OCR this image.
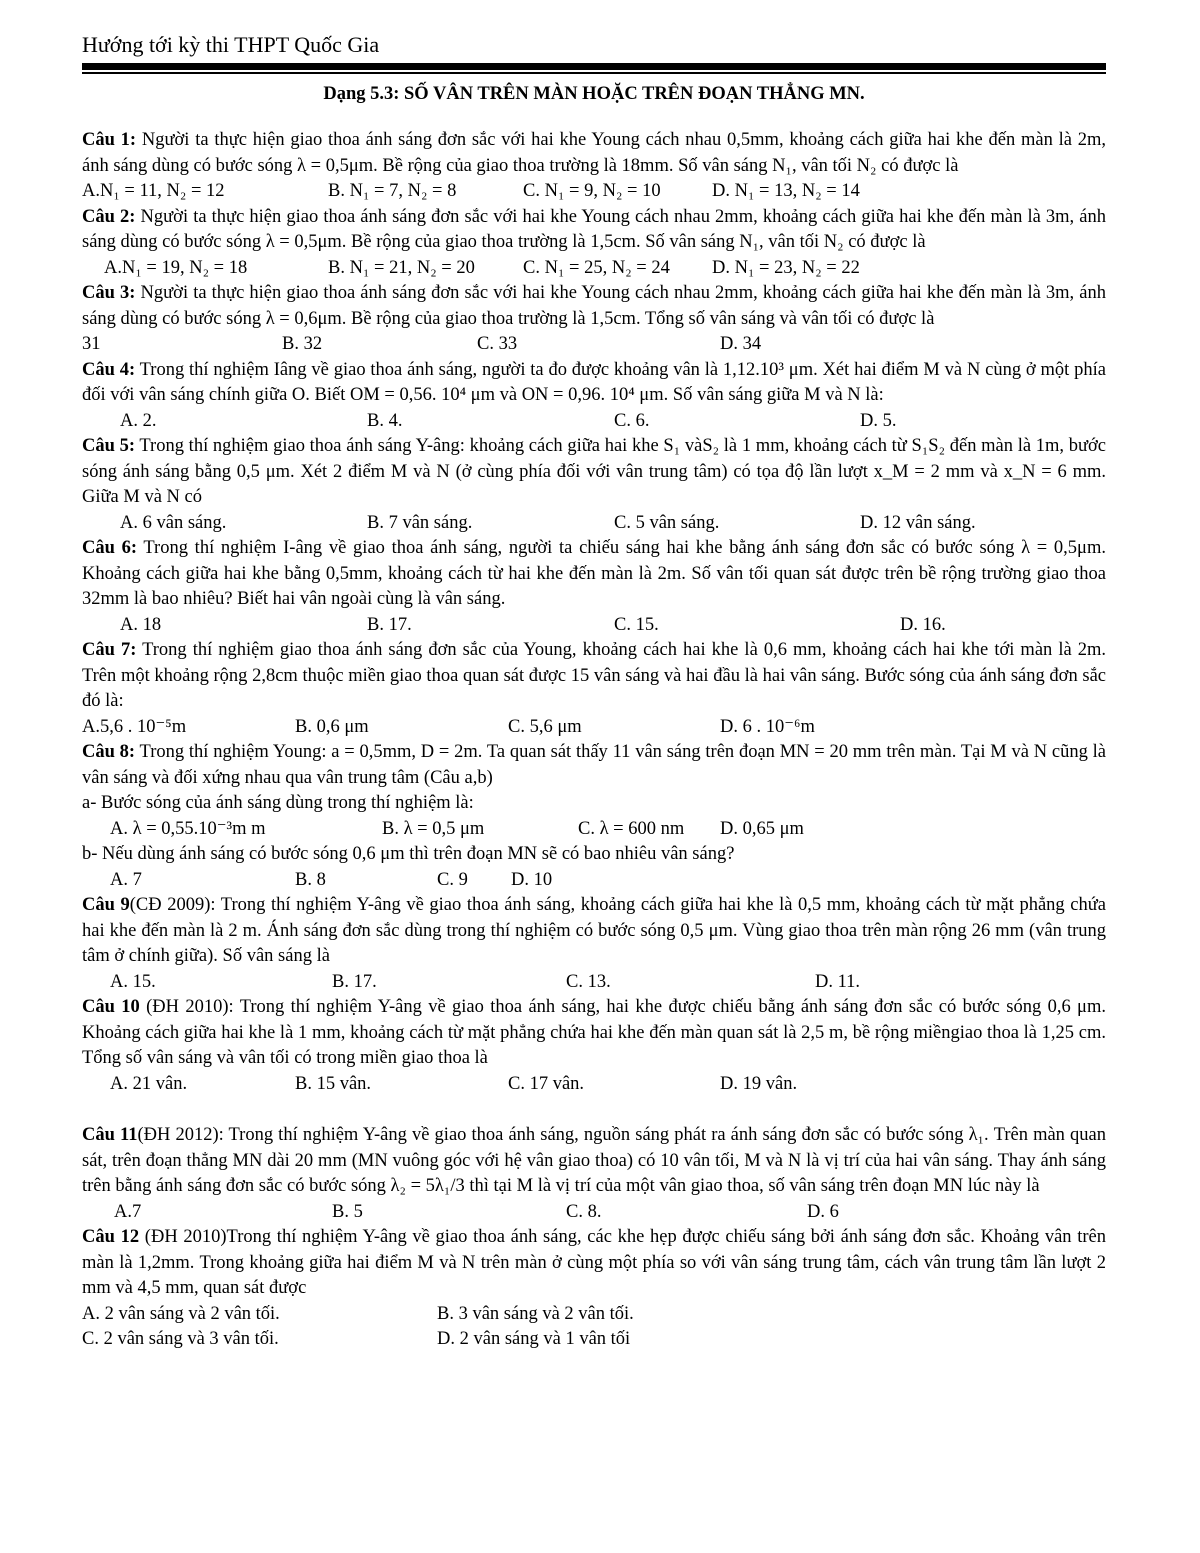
Hướng tới kỳ thi THPT Quốc Gia
Dạng 5.3: SỐ VÂN TRÊN MÀN HOẶC TRÊN ĐOẠN THẲNG MN.
Câu 1: Người ta thực hiện giao thoa ánh sáng đơn sắc với hai khe Young cách nhau 0,5mm, khoảng cách giữa hai khe đến màn là 2m, ánh sáng dùng có bước sóng λ = 0,5μm. Bề rộng của giao thoa trường là 18mm. Số vân sáng N₁, vân tối N₂ có được là
A.N₁ = 11, N₂ = 12	B. N₁ = 7, N₂ = 8	C. N₁ = 9, N₂ = 10	D. N₁ = 13, N₂ = 14
Câu 2: Người ta thực hiện giao thoa ánh sáng đơn sắc với hai khe Young cách nhau 2mm, khoảng cách giữa hai khe đến màn là 3m, ánh sáng dùng có bước sóng λ = 0,5μm. Bề rộng của giao thoa trường là 1,5cm. Số vân sáng N₁, vân tối N₂ có được là
A.N₁ = 19, N₂ = 18	B. N₁ = 21, N₂ = 20	C. N₁ = 25, N₂ = 24 D. N₁ = 23, N₂ = 22
Câu 3: Người ta thực hiện giao thoa ánh sáng đơn sắc với hai khe Young cách nhau 2mm, khoảng cách giữa hai khe đến màn là 3m, ánh sáng dùng có bước sóng λ = 0,6μm. Bề rộng của giao thoa trường là 1,5cm. Tổng số vân sáng và vân tối có được là
31	B. 32	C. 33	D. 34
Câu 4: Trong thí nghiệm Iâng về giao thoa ánh sáng, người ta đo được khoảng vân là 1,12.10³ μm. Xét hai điểm M và N cùng ở một phía đối với vân sáng chính giữa O. Biết OM = 0,56. 10⁴ μm và ON = 0,96. 10⁴ μm. Số vân sáng giữa M và N là:
A. 2.	B. 4.	C. 6.	D. 5.
Câu 5: Trong thí nghiệm giao thoa ánh sáng Y-âng: khoảng cách giữa hai khe S₁ vàS₂ là 1 mm, khoảng cách từ S₁S₂ đến màn là 1m, bước sóng ánh sáng bằng 0,5 μm. Xét 2 điểm M và N (ở cùng phía đối với vân trung tâm) có tọa độ lần lượt x_M = 2 mm và x_N = 6 mm. Giữa M và N có
A. 6 vân sáng.	B. 7 vân sáng.	C. 5 vân sáng.	D. 12 vân sáng.
Câu 6: Trong thí nghiệm I-âng về giao thoa ánh sáng, người ta chiếu sáng hai khe bằng ánh sáng đơn sắc có bước sóng λ = 0,5μm. Khoảng cách giữa hai khe bằng 0,5mm, khoảng cách từ hai khe đến màn là 2m. Số vân tối quan sát được trên bề rộng trường giao thoa 32mm là bao nhiêu? Biết hai vân ngoài cùng là vân sáng.
A. 18	B. 17.	C. 15.	D. 16.
Câu 7: Trong thí nghiệm giao thoa ánh sáng đơn sắc của Young, khoảng cách hai khe là 0,6 mm, khoảng cách hai khe tới màn là 2m. Trên một khoảng rộng 2,8cm thuộc miền giao thoa quan sát được 15 vân sáng và hai đầu là hai vân sáng. Bước sóng của ánh sáng đơn sắc đó là:
A.5,6 . 10⁻⁵m	B. 0,6 μm	C. 5,6 μm	D. 6 . 10⁻⁶m
Câu 8: Trong thí nghiệm Young: a = 0,5mm, D = 2m. Ta quan sát thấy 11 vân sáng trên đoạn MN = 20 mm trên màn. Tại M và N cũng là vân sáng và đối xứng nhau qua vân trung tâm (Câu a,b)
a- Bước sóng của ánh sáng dùng trong thí nghiệm là:
A. λ = 0,55.10⁻³m m	B. λ = 0,5 μm	C. λ = 600 nm D. 0,65 μm
b- Nếu dùng ánh sáng có bước sóng 0,6 μm thì trên đoạn MN sẽ có bao nhiêu vân sáng?
A. 7	B. 8	C. 9 D. 10
Câu 9(CĐ 2009): Trong thí nghiệm Y-âng về giao thoa ánh sáng, khoảng cách giữa hai khe là 0,5 mm, khoảng cách từ mặt phẳng chứa hai khe đến màn là 2 m. Ánh sáng đơn sắc dùng trong thí nghiệm có bước sóng 0,5 μm. Vùng giao thoa trên màn rộng 26 mm (vân trung tâm ở chính giữa). Số vân sáng là
A. 15.	B. 17.	C. 13.	D. 11.
Câu 10 (ĐH 2010): Trong thí nghiệm Y-âng về giao thoa ánh sáng, hai khe được chiếu bằng ánh sáng đơn sắc có bước sóng 0,6 μm. Khoảng cách giữa hai khe là 1 mm, khoảng cách từ mặt phẳng chứa hai khe đến màn quan sát là 2,5 m, bề rộng miềngiao thoa là 1,25 cm. Tổng số vân sáng và vân tối có trong miền giao thoa là
A. 21 vân.	B. 15 vân.	C. 17 vân.	D. 19 vân.
Câu 11(ĐH 2012): Trong thí nghiệm Y-âng về giao thoa ánh sáng, nguồn sáng phát ra ánh sáng đơn sắc có bước sóng λ₁. Trên màn quan sát, trên đoạn thẳng MN dài 20 mm (MN vuông góc với hệ vân giao thoa) có 10 vân tối, M và N là vị trí của hai vân sáng. Thay ánh sáng trên bằng ánh sáng đơn sắc có bước sóng λ₂ = 5λ₁/3 thì tại M là vị trí của một vân giao thoa, số vân sáng trên đoạn MN lúc này là
A.7	B. 5	C. 8.	D. 6
Câu 12 (ĐH 2010)Trong thí nghiệm Y-âng về giao thoa ánh sáng, các khe hẹp được chiếu sáng bởi ánh sáng đơn sắc. Khoảng vân trên màn là 1,2mm. Trong khoảng giữa hai điểm M và N trên màn ở cùng một phía so với vân sáng trung tâm, cách vân trung tâm lần lượt 2 mm và 4,5 mm, quan sát được
A. 2 vân sáng và 2 vân tối.	B. 3 vân sáng và 2 vân tối.
C. 2 vân sáng và 3 vân tối.	D. 2 vân sáng và 1 vân tối
